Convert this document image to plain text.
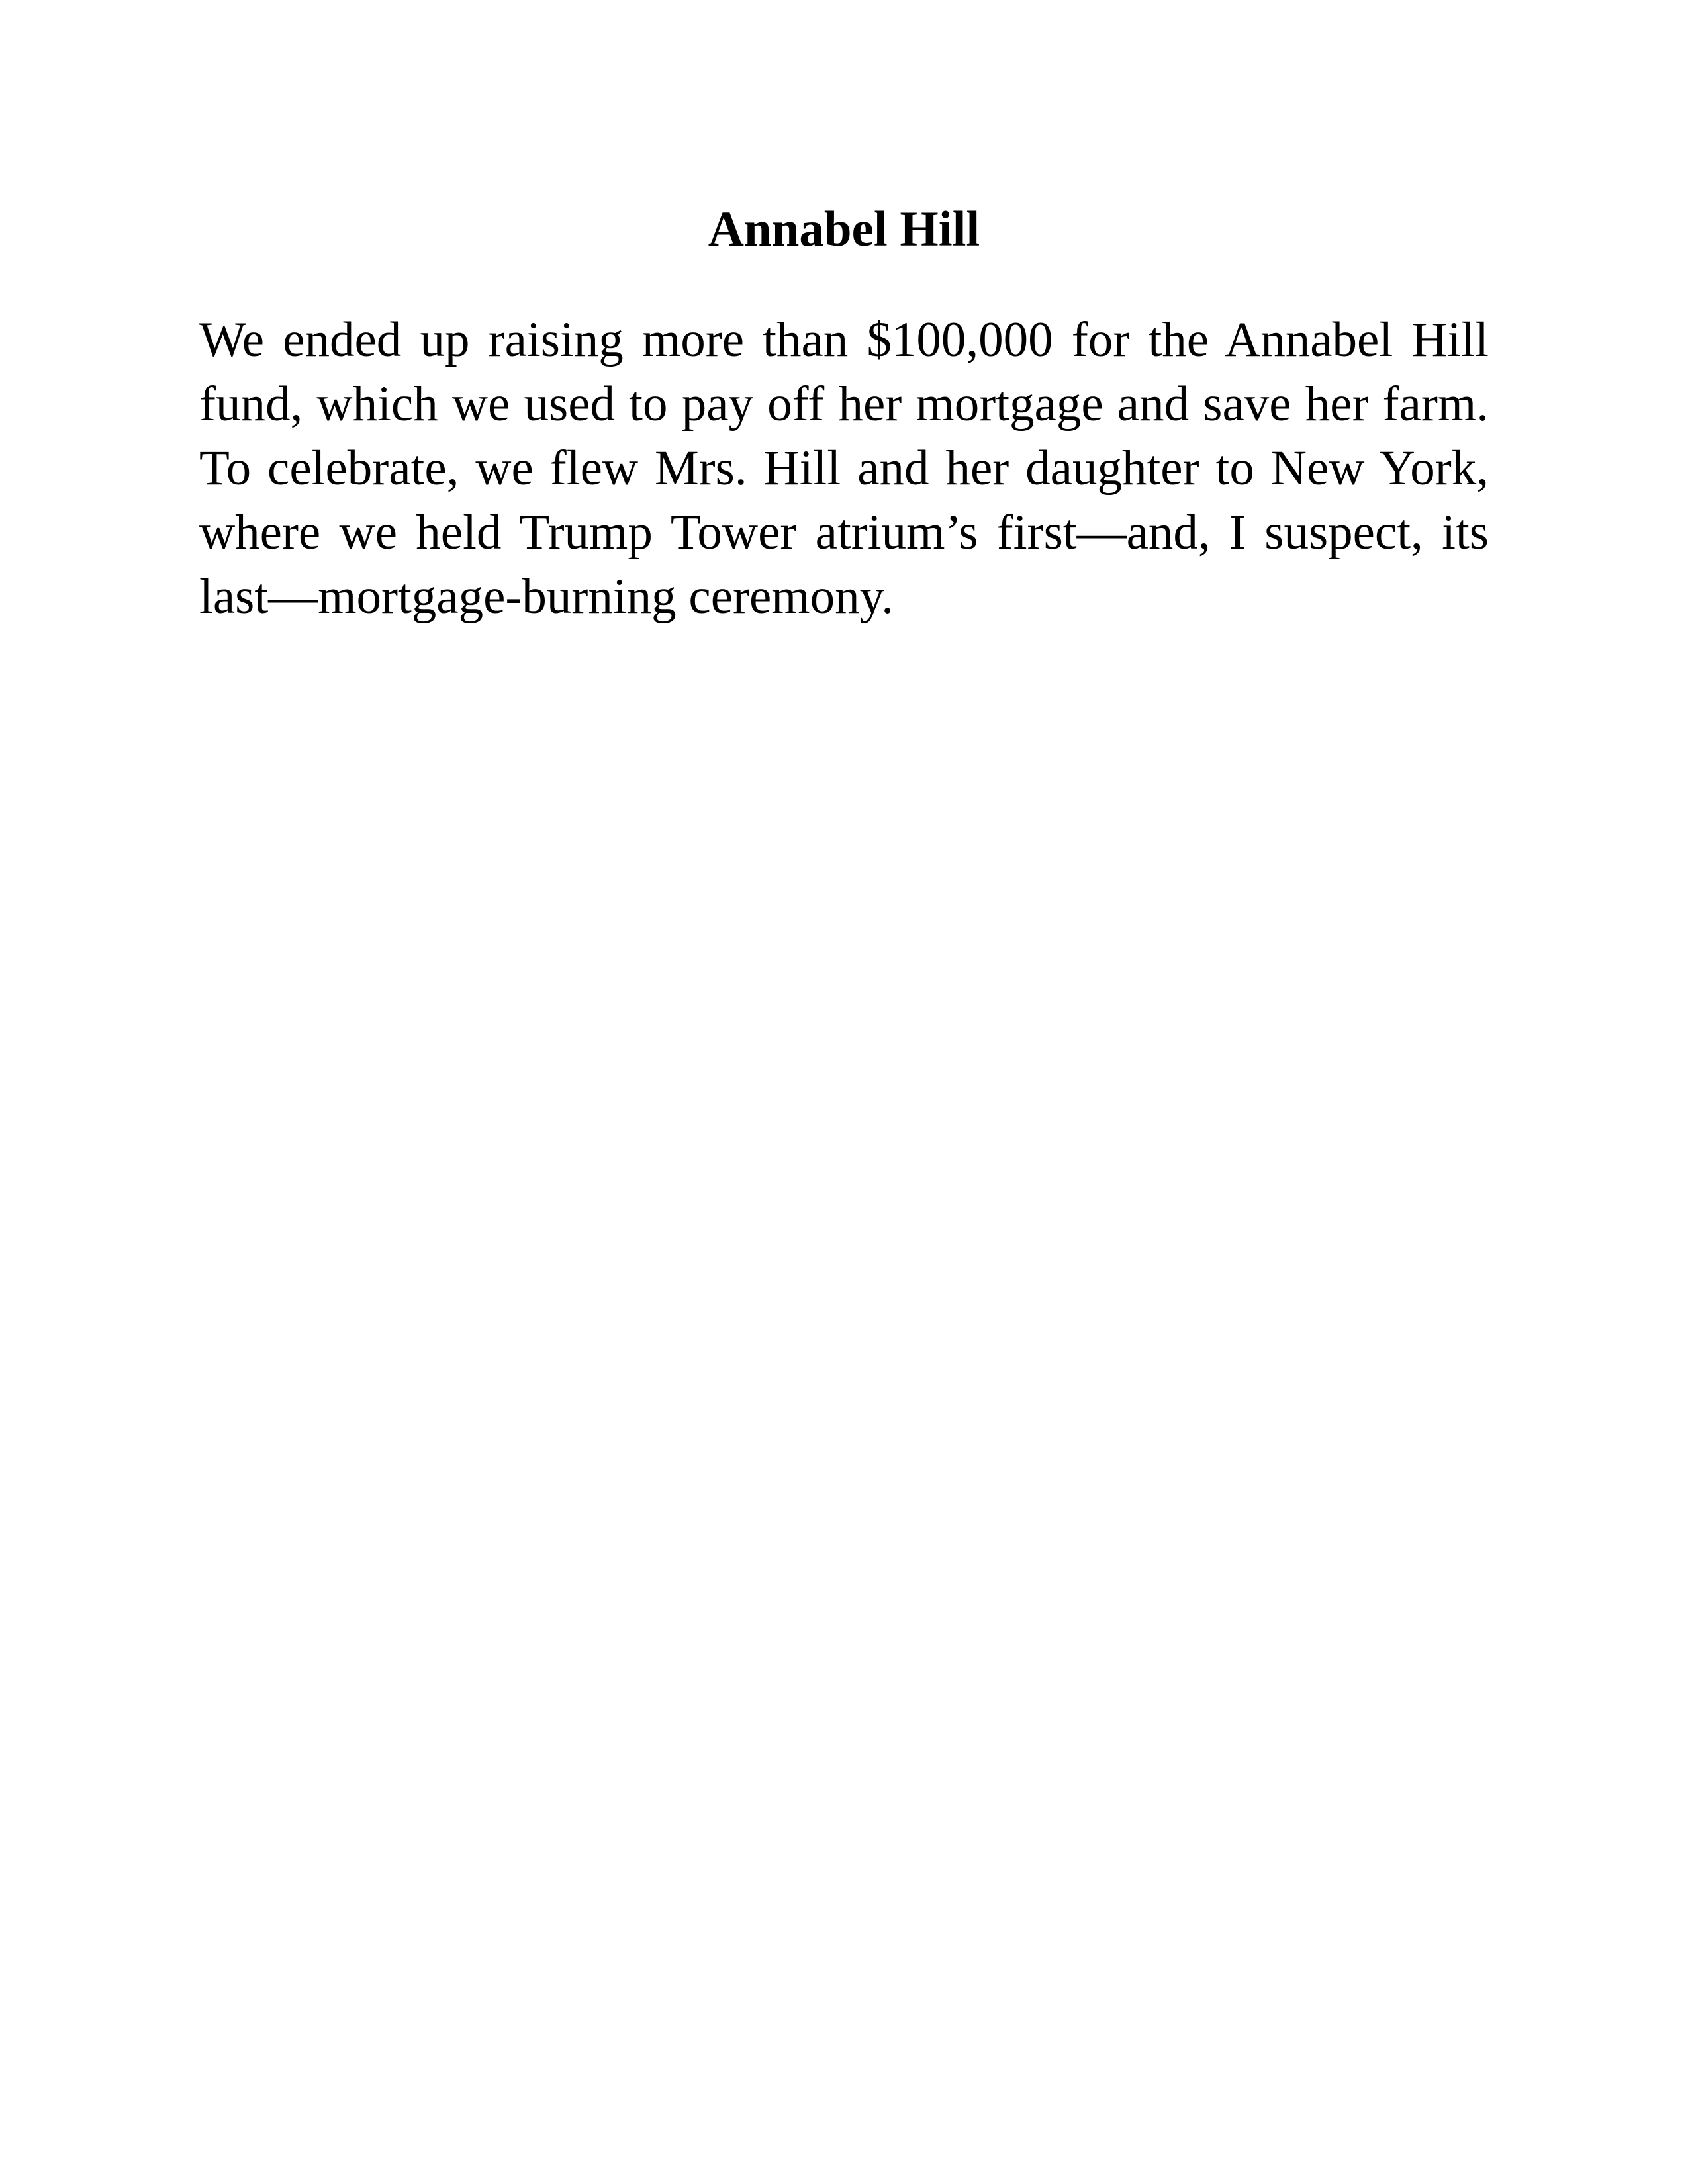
Annabel Hill

We ended up raising more than $100,000 for the Annabel Hill fund, which we used to pay off her mortgage and save her farm. To celebrate, we flew Mrs. Hill and her daughter to New York, where we held Trump Tower atrium’s first—and, I suspect, its last—mortgage-burning ceremony.
